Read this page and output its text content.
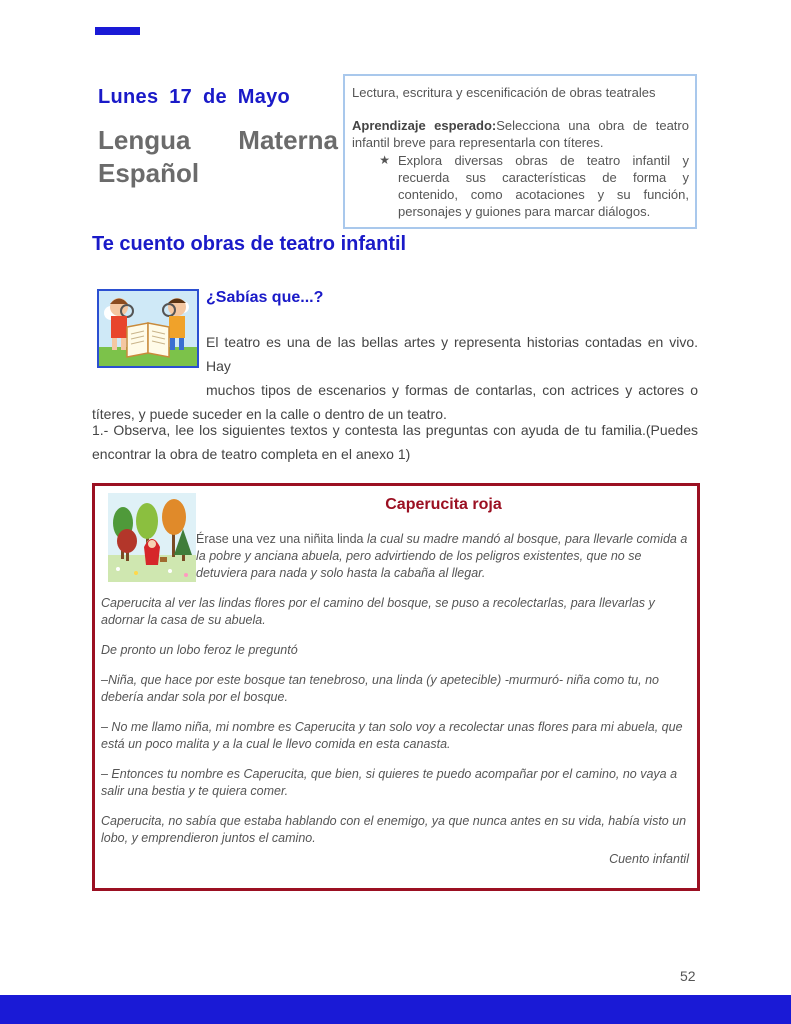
Lunes 17 de Mayo
Lengua Materna
Español

Lectura, escritura y escenificación de obras teatrales

Aprendizaje esperado:Selecciona una obra de teatro infantil breve para representarla con títeres.

★ Explora diversas obras de teatro infantil y recuerda sus características de forma y contenido, como acotaciones y su función, personajes y guiones para marcar diálogos.
Te cuento obras de teatro infantil
¿Sabías que...?
El teatro es una de las bellas artes y representa historias contadas en vivo. Hay
muchos tipos de escenarios y formas de contarlas, con actrices y actores o
títeres, y puede suceder en la calle o dentro de un teatro.
1.- Observa, lee los siguientes textos y contesta las preguntas con ayuda de tu familia.(Puedes
encontrar la obra de teatro completa en el anexo 1)
Caperucita roja

Érase una vez una niñita linda la cual su madre mandó al bosque, para llevarle comida a la pobre y anciana abuela, pero advirtiendo de los peligros existentes, que no se detuviera para nada y solo hasta la cabaña al llegar.

Caperucita al ver las lindas flores por el camino del bosque, se puso a recolectarlas, para llevarlas y adornar la casa de su abuela.

De pronto un lobo feroz le preguntó

–Niña, que hace por este bosque tan tenebroso, una linda (y apetecible) -murmuró- niña como tu, no debería andar sola por el bosque.

– No me llamo niña, mi nombre es Caperucita y tan solo voy a recolectar unas flores para mi abuela, que está un poco malita y a la cual le llevo comida en esta canasta.

– Entonces tu nombre es Caperucita, que bien, si quieres te puedo acompañar por el camino, no vaya a salir una bestia y te quiera comer.

Caperucita, no sabía que estaba hablando con el enemigo, ya que nunca antes en su vida, había visto un lobo, y emprendieron juntos el camino.

Cuento infantil
52
